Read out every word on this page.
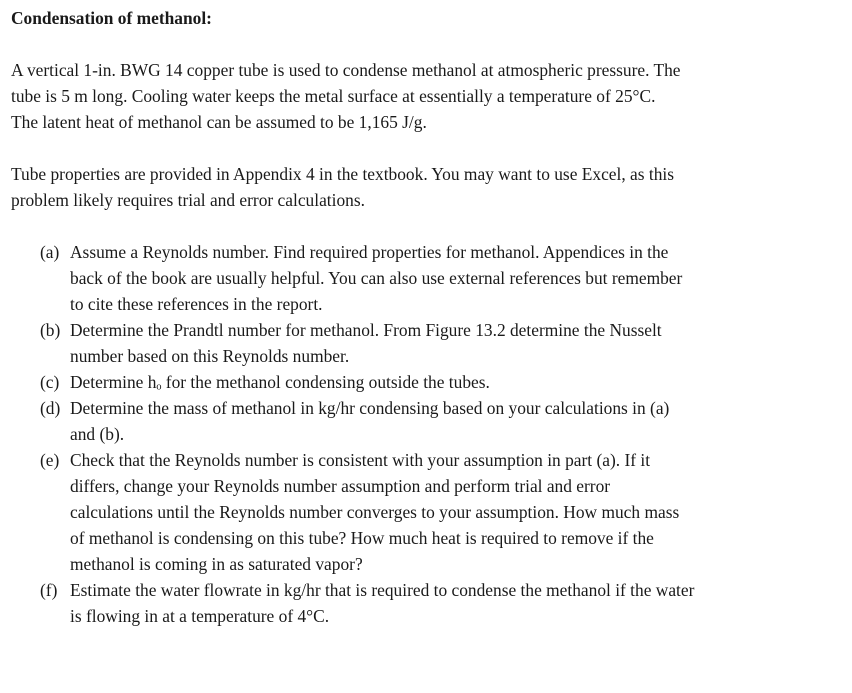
Condensation of methanol:

A vertical 1-in. BWG 14 copper tube is used to condense methanol at atmospheric pressure. The
tube is 5 m long. Cooling water keeps the metal surface at essentially a temperature of 25°C.
The latent heat of methanol can be assumed to be 1,165 J/g.

Tube properties are provided in Appendix 4 in the textbook. You may want to use Excel, as this
problem likely requires trial and error calculations.

(a) Assume a Reynolds number. Find required properties for methanol. Appendices in the
back of the book are usually helpful. You can also use external references but remember
to cite these references in the report.
(b) Determine the Prandtl number for methanol. From Figure 13.2 determine the Nusselt
number based on this Reynolds number.
(c) Determine hₒ for the methanol condensing outside the tubes.
(d) Determine the mass of methanol in kg/hr condensing based on your calculations in (a)
and (b).
(e) Check that the Reynolds number is consistent with your assumption in part (a). If it
differs, change your Reynolds number assumption and perform trial and error
calculations until the Reynolds number converges to your assumption. How much mass
of methanol is condensing on this tube? How much heat is required to remove if the
methanol is coming in as saturated vapor?
(f) Estimate the water flowrate in kg/hr that is required to condense the methanol if the water
is flowing in at a temperature of 4°C.
